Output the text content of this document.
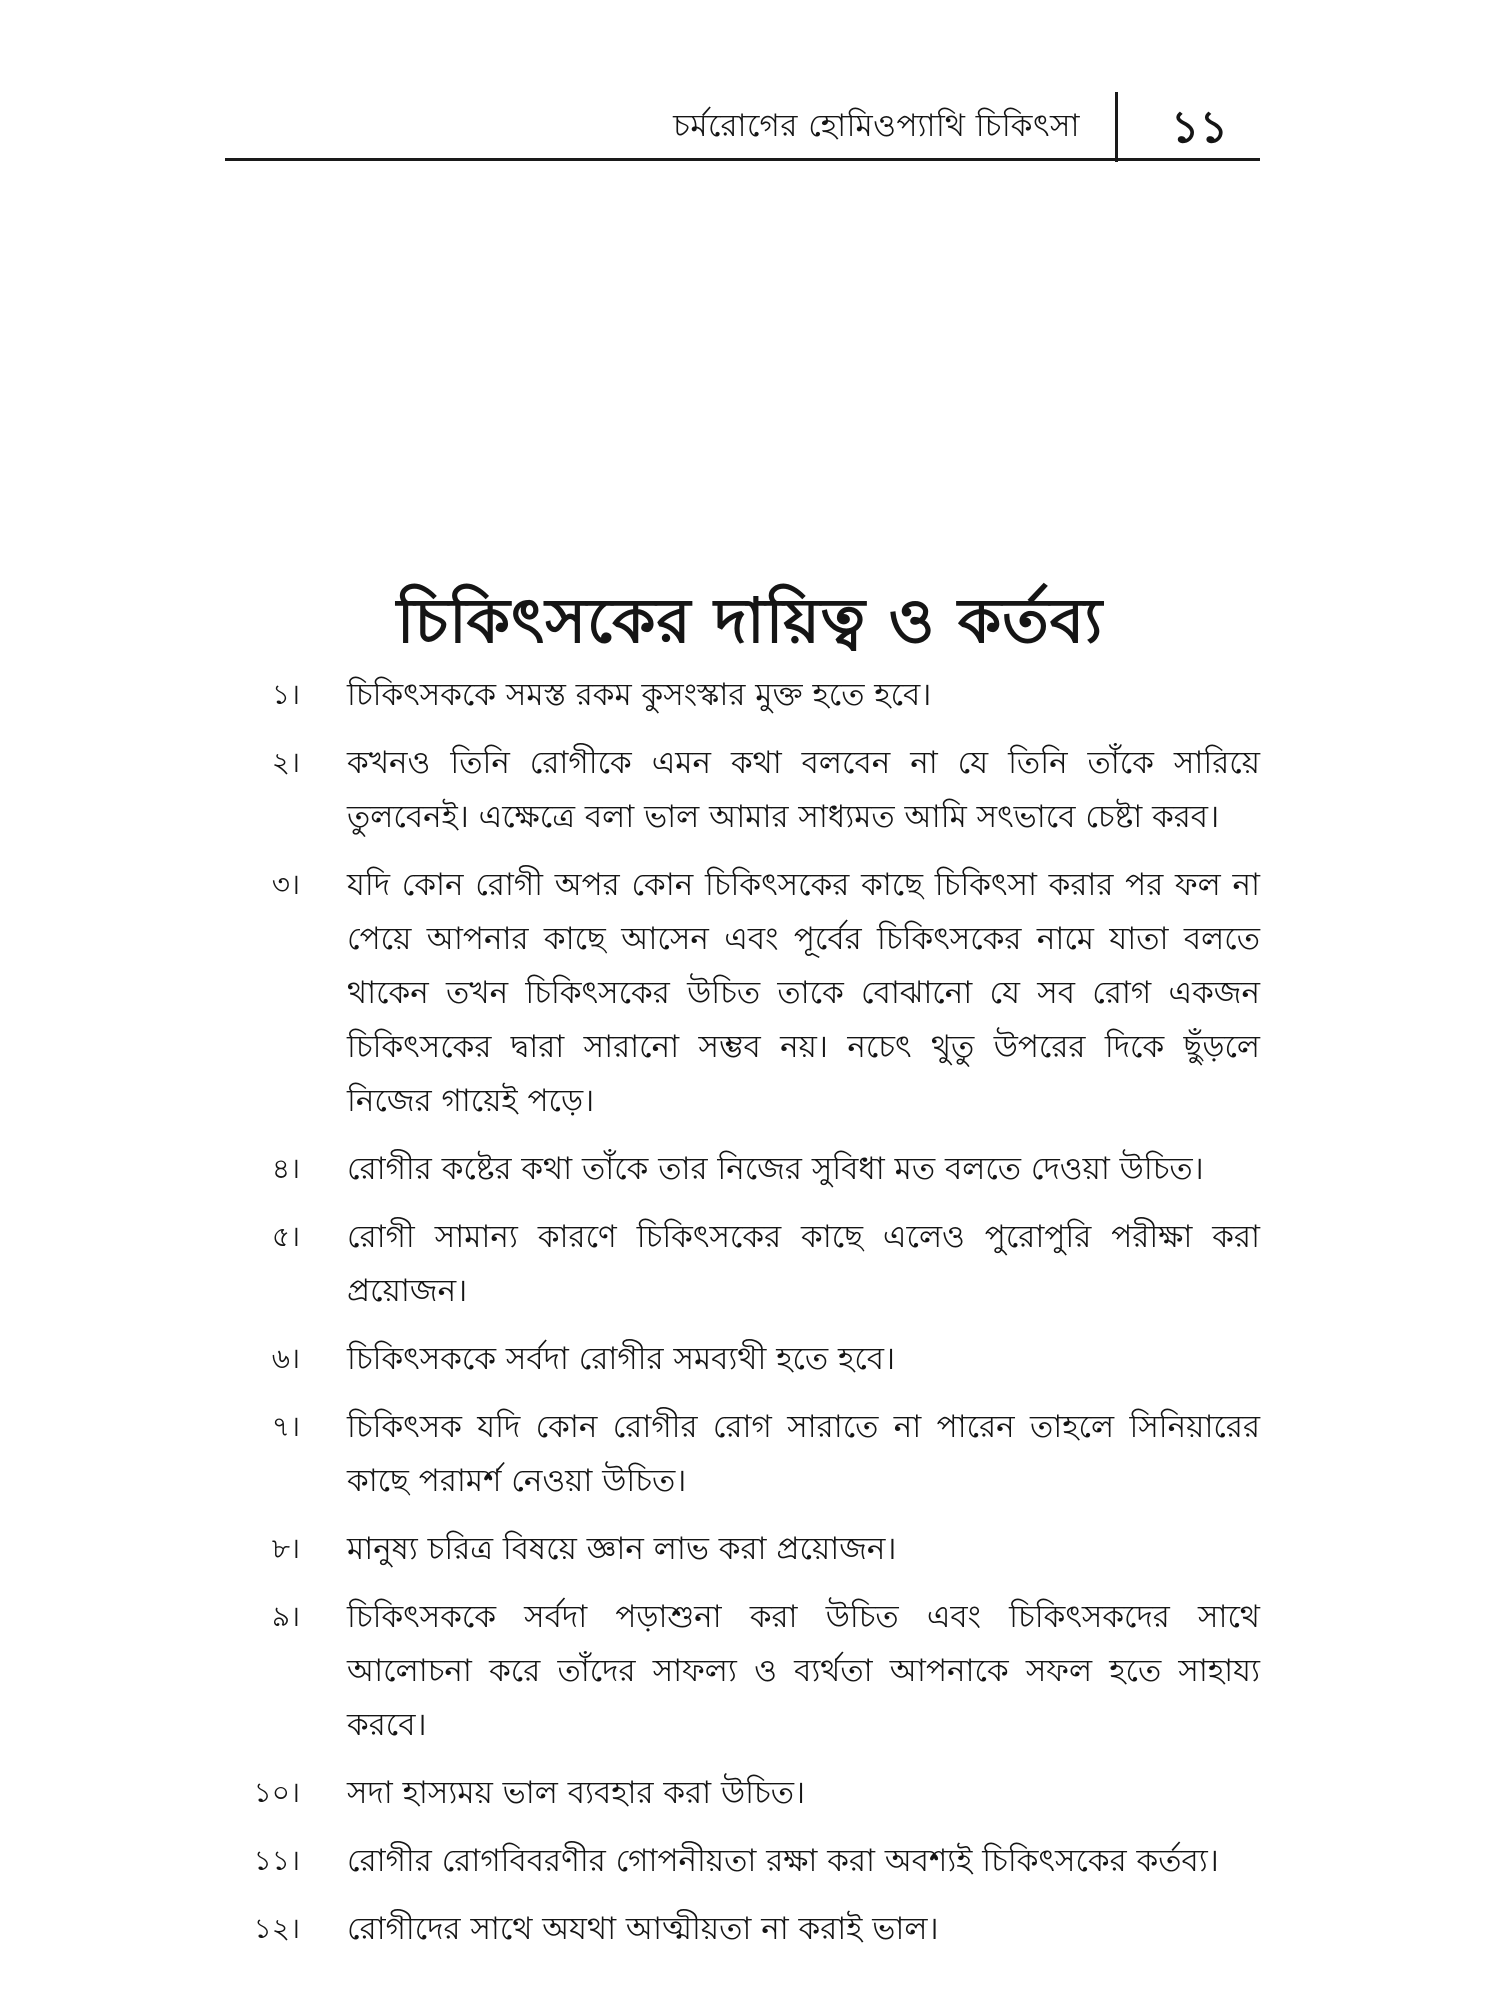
চর্মরোগের হোমিওপ্যাথি চিকিৎসা ১১
চিকিৎসকের দায়িত্ব ও কর্তব্য
১। চিকিৎসককে সমস্ত রকম কুসংস্কার মুক্ত হতে হবে।
২। কখনও তিনি রোগীকে এমন কথা বলবেন না যে তিনি তাঁকে সারিয়ে তুলবেনই। এক্ষেত্রে বলা ভাল আমার সাধ্যমত আমি সৎভাবে চেষ্টা করব।
৩। যদি কোন রোগী অপর কোন চিকিৎসকের কাছে চিকিৎসা করার পর ফল না পেয়ে আপনার কাছে আসেন এবং পূর্বের চিকিৎসকের নামে যাতা বলতে থাকেন তখন চিকিৎসকের উচিত তাকে বোঝানো যে সব রোগ একজন চিকিৎসকের দ্বারা সারানো সম্ভব নয়। নচেৎ থুতু উপরের দিকে ছুঁড়লে নিজের গায়েই পড়ে।
৪। রোগীর কষ্টের কথা তাঁকে তার নিজের সুবিধা মত বলতে দেওয়া উচিত।
৫। রোগী সামান্য কারণে চিকিৎসকের কাছে এলেও পুরোপুরি পরীক্ষা করা প্রয়োজন।
৬। চিকিৎসককে সর্বদা রোগীর সমব্যথী হতে হবে।
৭। চিকিৎসক যদি কোন রোগীর রোগ সারাতে না পারেন তাহলে সিনিয়ারের কাছে পরামর্শ নেওয়া উচিত।
৮। মানুষ্য চরিত্র বিষয়ে জ্ঞান লাভ করা প্রয়োজন।
৯। চিকিৎসককে সর্বদা পড়াশুনা করা উচিত এবং চিকিৎসকদের সাথে আলোচনা করে তাঁদের সাফল্য ও ব্যর্থতা আপনাকে সফল হতে সাহায্য করবে।
১০। সদা হাস্যময় ভাল ব্যবহার করা উচিত।
১১। রোগীর রোগবিবরণীর গোপনীয়তা রক্ষা করা অবশ্যই চিকিৎসকের কর্তব্য।
১২। রোগীদের সাথে অযথা আত্মীয়তা না করাই ভাল।
